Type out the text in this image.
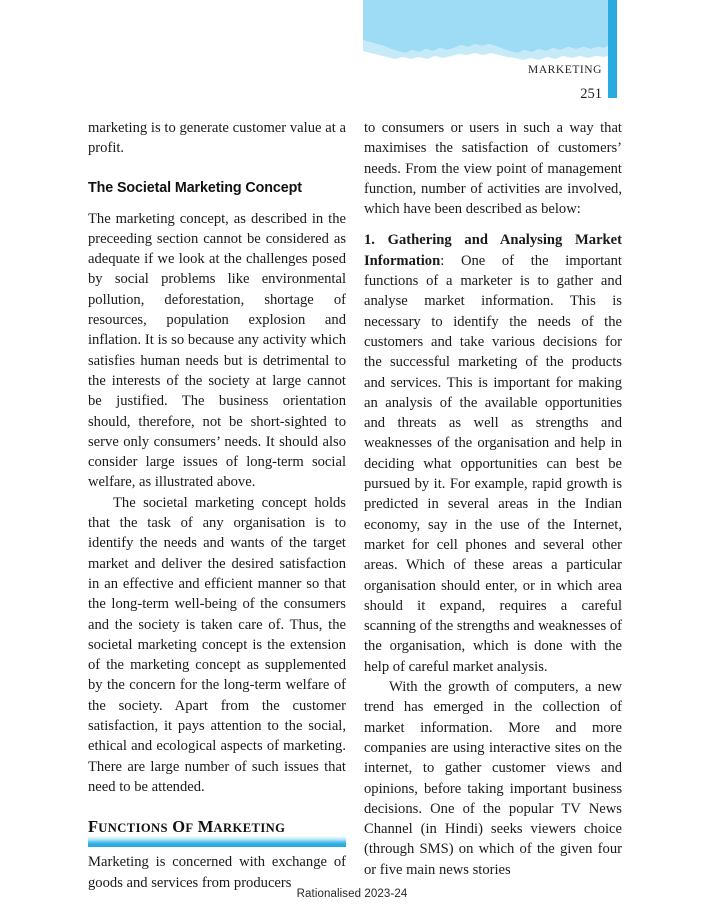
MARKETING
251

marketing is to generate customer value at a profit.

The Societal Marketing Concept

The marketing concept, as described in the preceeding section cannot be considered as adequate if we look at the challenges posed by social problems like environmental pollution, deforestation, shortage of resources, population explosion and inflation. It is so because any activity which satisfies human needs but is detrimental to the interests of the society at large cannot be justified. The business orientation should, therefore, not be short-sighted to serve only consumers’ needs. It should also consider large issues of long-term social welfare, as illustrated above.

The societal marketing concept holds that the task of any organisation is to identify the needs and wants of the target market and deliver the desired satisfaction in an effective and efficient manner so that the long-term well-being of the consumers and the society is taken care of. Thus, the societal marketing concept is the extension of the marketing concept as supplemented by the concern for the long-term welfare of the society. Apart from the customer satisfaction, it pays attention to the social, ethical and ecological aspects of marketing. There are large number of such issues that need to be attended.

FUNCTIONS OF MARKETING

Marketing is concerned with exchange of goods and services from producers

to consumers or users in such a way that maximises the satisfaction of customers’ needs. From the view point of management function, number of activities are involved, which have been described as below:

1. Gathering and Analysing Market Information: One of the important functions of a marketer is to gather and analyse market information. This is necessary to identify the needs of the customers and take various decisions for the successful marketing of the products and services. This is important for making an analysis of the available opportunities and threats as well as strengths and weaknesses of the organisation and help in deciding what opportunities can best be pursued by it. For example, rapid growth is predicted in several areas in the Indian economy, say in the use of the Internet, market for cell phones and several other areas. Which of these areas a particular organisation should enter, or in which area should it expand, requires a careful scanning of the strengths and weaknesses of the organisation, which is done with the help of careful market analysis.

With the growth of computers, a new trend has emerged in the collection of market information. More and more companies are using interactive sites on the internet, to gather customer views and opinions, before taking important business decisions. One of the popular TV News Channel (in Hindi) seeks viewers choice (through SMS) on which of the given four or five main news stories

Rationalised 2023-24
